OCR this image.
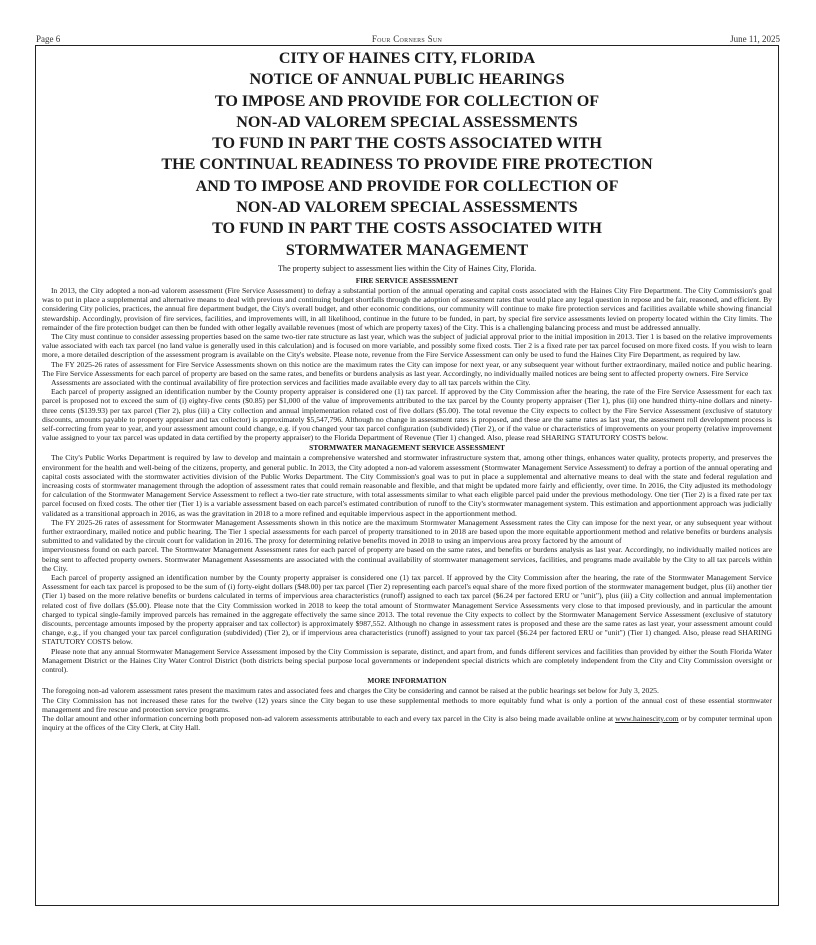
Page 6	Four Corners Sun	June 11, 2025
CITY OF HAINES CITY, FLORIDA
NOTICE OF ANNUAL PUBLIC HEARINGS
TO IMPOSE AND PROVIDE FOR COLLECTION OF
NON-AD VALOREM SPECIAL ASSESSMENTS
TO FUND IN PART THE COSTS ASSOCIATED WITH
THE CONTINUAL READINESS TO PROVIDE FIRE PROTECTION
AND TO IMPOSE AND PROVIDE FOR COLLECTION OF
NON-AD VALOREM SPECIAL ASSESSMENTS
TO FUND IN PART THE COSTS ASSOCIATED WITH
STORMWATER MANAGEMENT
The property subject to assessment lies within the City of Haines City, Florida.
FIRE SERVICE ASSESSMENT

In 2013, the City adopted a non-ad valorem assessment (Fire Service Assessment) to defray a substantial portion of the annual operating and capital costs associated with the Haines City Fire Department. The City Commission's goal was to put in place a supplemental and alternative means to deal with previous and continuing budget shortfalls through the adoption of assessment rates that would place any legal question in repose and be fair, reasoned, and efficient. By considering City policies, practices, the annual fire department budget, the City's overall budget, and other economic conditions, our community will continue to make fire protection services and facilities available while showing financial stewardship. Accordingly, provision of fire services, facilities, and improvements will, in all likelihood, continue in the future to be funded, in part, by special fire service assessments levied on property located within the City limits. The remainder of the fire protection budget can then be funded with other legally available revenues (most of which are property taxes) of the City. This is a challenging balancing process and must be addressed annually.

The City must continue to consider assessing properties based on the same two-tier rate structure as last year, which was the subject of judicial approval prior to the initial imposition in 2013. Tier 1 is based on the relative improvements value associated with each tax parcel (no land value is generally used in this calculation) and is focused on more variable, and possibly some fixed costs. Tier 2 is a fixed rate per tax parcel focused on more fixed costs. If you wish to learn more, a more detailed description of the assessment program is available on the City's website. Please note, revenue from the Fire Service Assessment can only be used to fund the Haines City Fire Department, as required by law.

The FY 2025-26 rates of assessment for Fire Service Assessments shown on this notice are the maximum rates the City can impose for next year, or any subsequent year without further extraordinary, mailed notice and public hearing. The Fire Service Assessments for each parcel of property are based on the same rates, and benefits or burdens analysis as last year. Accordingly, no individually mailed notices are being sent to affected property owners. Fire Service

Assessments are associated with the continual availability of fire protection services and facilities made available every day to all tax parcels within the City.

Each parcel of property assigned an identification number by the County property appraiser is considered one (1) tax parcel. If approved by the City Commission after the hearing, the rate of the Fire Service Assessment for each tax parcel is proposed not to exceed the sum of (i) eighty-five cents ($0.85) per $1,000 of the value of improvements attributed to the tax parcel by the County property appraiser (Tier 1), plus (ii) one hundred thirty-nine dollars and ninety-three cents ($139.93) per tax parcel (Tier 2), plus (iii) a City collection and annual implementation related cost of five dollars ($5.00). The total revenue the City expects to collect by the Fire Service Assessment (exclusive of statutory discounts, amounts payable to property appraiser and tax collector) is approximately $5,547,796. Although no change in assessment rates is proposed, and these are the same rates as last year, the assessment roll development process is self-correcting from year to year, and your assessment amount could change, e.g. if you changed your tax parcel configuration (subdivided) (Tier 2), or if the value or characteristics of improvements on your property (relative improvement value assigned to your tax parcel was updated in data certified by the property appraiser) to the Florida Department of Revenue (Tier 1) changed. Also, please read SHARING STATUTORY COSTS below.

STORMWATER MANAGEMENT SERVICE ASSESSMENT

The City's Public Works Department is required by law to develop and maintain a comprehensive watershed and stormwater infrastructure system that, among other things, enhances water quality, protects property, and preserves the environment for the health and well-being of the citizens, property, and general public. In 2013, the City adopted a non-ad valorem assessment (Stormwater Management Service Assessment) to defray a portion of the annual operating and capital costs associated with the stormwater activities division of the Public Works Department. The City Commission's goal was to put in place a supplemental and alternative means to deal with the state and federal regulation and increasing costs of stormwater management through the adoption of assessment rates that could remain reasonable and flexible, and that might be updated more fairly and efficiently, over time. In 2016, the City adjusted its methodology for calculation of the Stormwater Management Service Assessment to reflect a two-tier rate structure, with total assessments similar to what each eligible parcel paid under the previous methodology. One tier (Tier 2) is a fixed rate per tax parcel focused on fixed costs. The other tier (Tier 1) is a variable assessment based on each parcel's estimated contribution of runoff to the City's stormwater management system. This estimation and apportionment approach was judicially validated as a transitional approach in 2016, as was the gravitation in 2018 to a more refined and equitable impervious aspect in the apportionment method.

The FY 2025-26 rates of assessment for Stormwater Management Assessments shown in this notice are the maximum Stormwater Management Assessment rates the City can impose for the next year, or any subsequent year without further extraordinary, mailed notice and public hearing. The Tier 1 special assessments for each parcel of property transitioned to in 2018 are based upon the more equitable apportionment method and relative benefits or burdens analysis submitted to and validated by the circuit court for validation in 2016. The proxy for determining relative benefits moved in 2018 to using an impervious area proxy factored by the amount of

imperviousness found on each parcel. The Stormwater Management Assessment rates for each parcel of property are based on the same rates, and benefits or burdens analysis as last year. Accordingly, no individually mailed notices are being sent to affected property owners. Stormwater Management Assessments are associated with the continual availability of stormwater management services, facilities, and programs made available by the City to all tax parcels within the City.

Each parcel of property assigned an identification number by the County property appraiser is considered one (1) tax parcel. If approved by the City Commission after the hearing, the rate of the Stormwater Management Service Assessment for each tax parcel is proposed to be the sum of (i) forty-eight dollars ($48.00) per tax parcel (Tier 2) representing each parcel's equal share of the more fixed portion of the stormwater management budget, plus (ii) another tier (Tier 1) based on the more relative benefits or burdens calculated in terms of impervious area characteristics (runoff) assigned to each tax parcel ($6.24 per factored ERU or "unit"), plus (iii) a City collection and annual implementation related cost of five dollars ($5.00). Please note that the City Commission worked in 2018 to keep the total amount of Stormwater Management Service Assessments very close to that imposed previously, and in particular the amount charged to typical single-family improved parcels has remained in the aggregate effectively the same since 2013. The total revenue the City expects to collect by the Stormwater Management Service Assessment (exclusive of statutory discounts, percentage amounts imposed by the property appraiser and tax collector) is approximately $987,552. Although no change in assessment rates is proposed and these are the same rates as last year, your assessment amount could change, e.g., if you changed your tax parcel configuration (subdivided) (Tier 2), or if impervious area characteristics (runoff) assigned to your tax parcel ($6.24 per factored ERU or "unit") (Tier 1) changed. Also, please read SHARING STATUTORY COSTS below.

Please note that any annual Stormwater Management Service Assessment imposed by the City Commission is separate, distinct, and apart from, and funds different services and facilities than provided by either the South Florida Water Management District or the Haines City Water Control District (both districts being special purpose local governments or independent special districts which are completely independent from the City and City Commission oversight or control).

MORE INFORMATION

The foregoing non-ad valorem assessment rates present the maximum rates and associated fees and charges the City be considering and cannot be raised at the public hearings set below for July 3, 2025.

The City Commission has not increased these rates for the twelve (12) years since the City began to use these supplemental methods to more equitably fund what is only a portion of the annual cost of these essential stormwater management and fire rescue and protection service programs.

The dollar amount and other information concerning both proposed non-ad valorem assessments attributable to each and every tax parcel in the City is also being made available online at www.hainescity.com or by computer terminal upon inquiry at the offices of the City Clerk, at City Hall.
